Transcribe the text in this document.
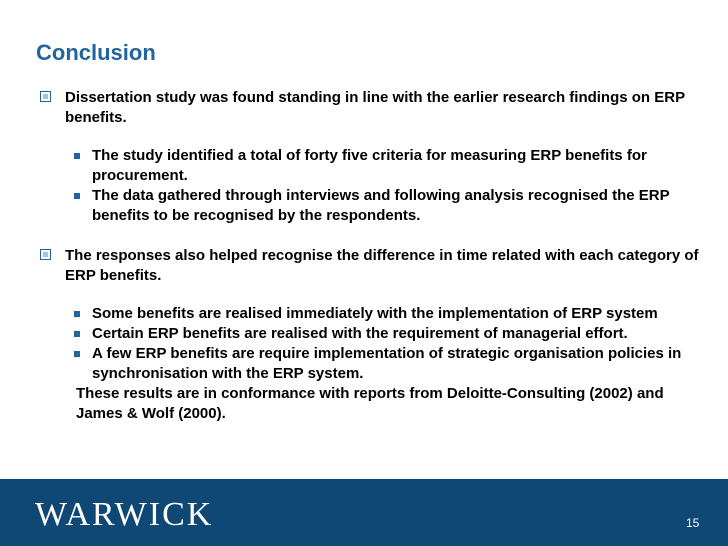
Conclusion
Dissertation study was found standing in line with the earlier research findings on ERP benefits.
The study identified a total of forty five criteria for measuring ERP benefits for procurement.
The data gathered through interviews and following analysis recognised the ERP benefits to be recognised by the respondents.
The responses also helped recognise the difference in time related with each category of ERP benefits.
Some benefits are realised immediately with the implementation of ERP system
Certain ERP benefits are realised with the requirement of managerial effort.
A few ERP benefits are require implementation of strategic organisation policies in synchronisation with the ERP system.
These results are in conformance with reports from Deloitte-Consulting (2002) and James & Wolf (2000).
WARWICK	15
